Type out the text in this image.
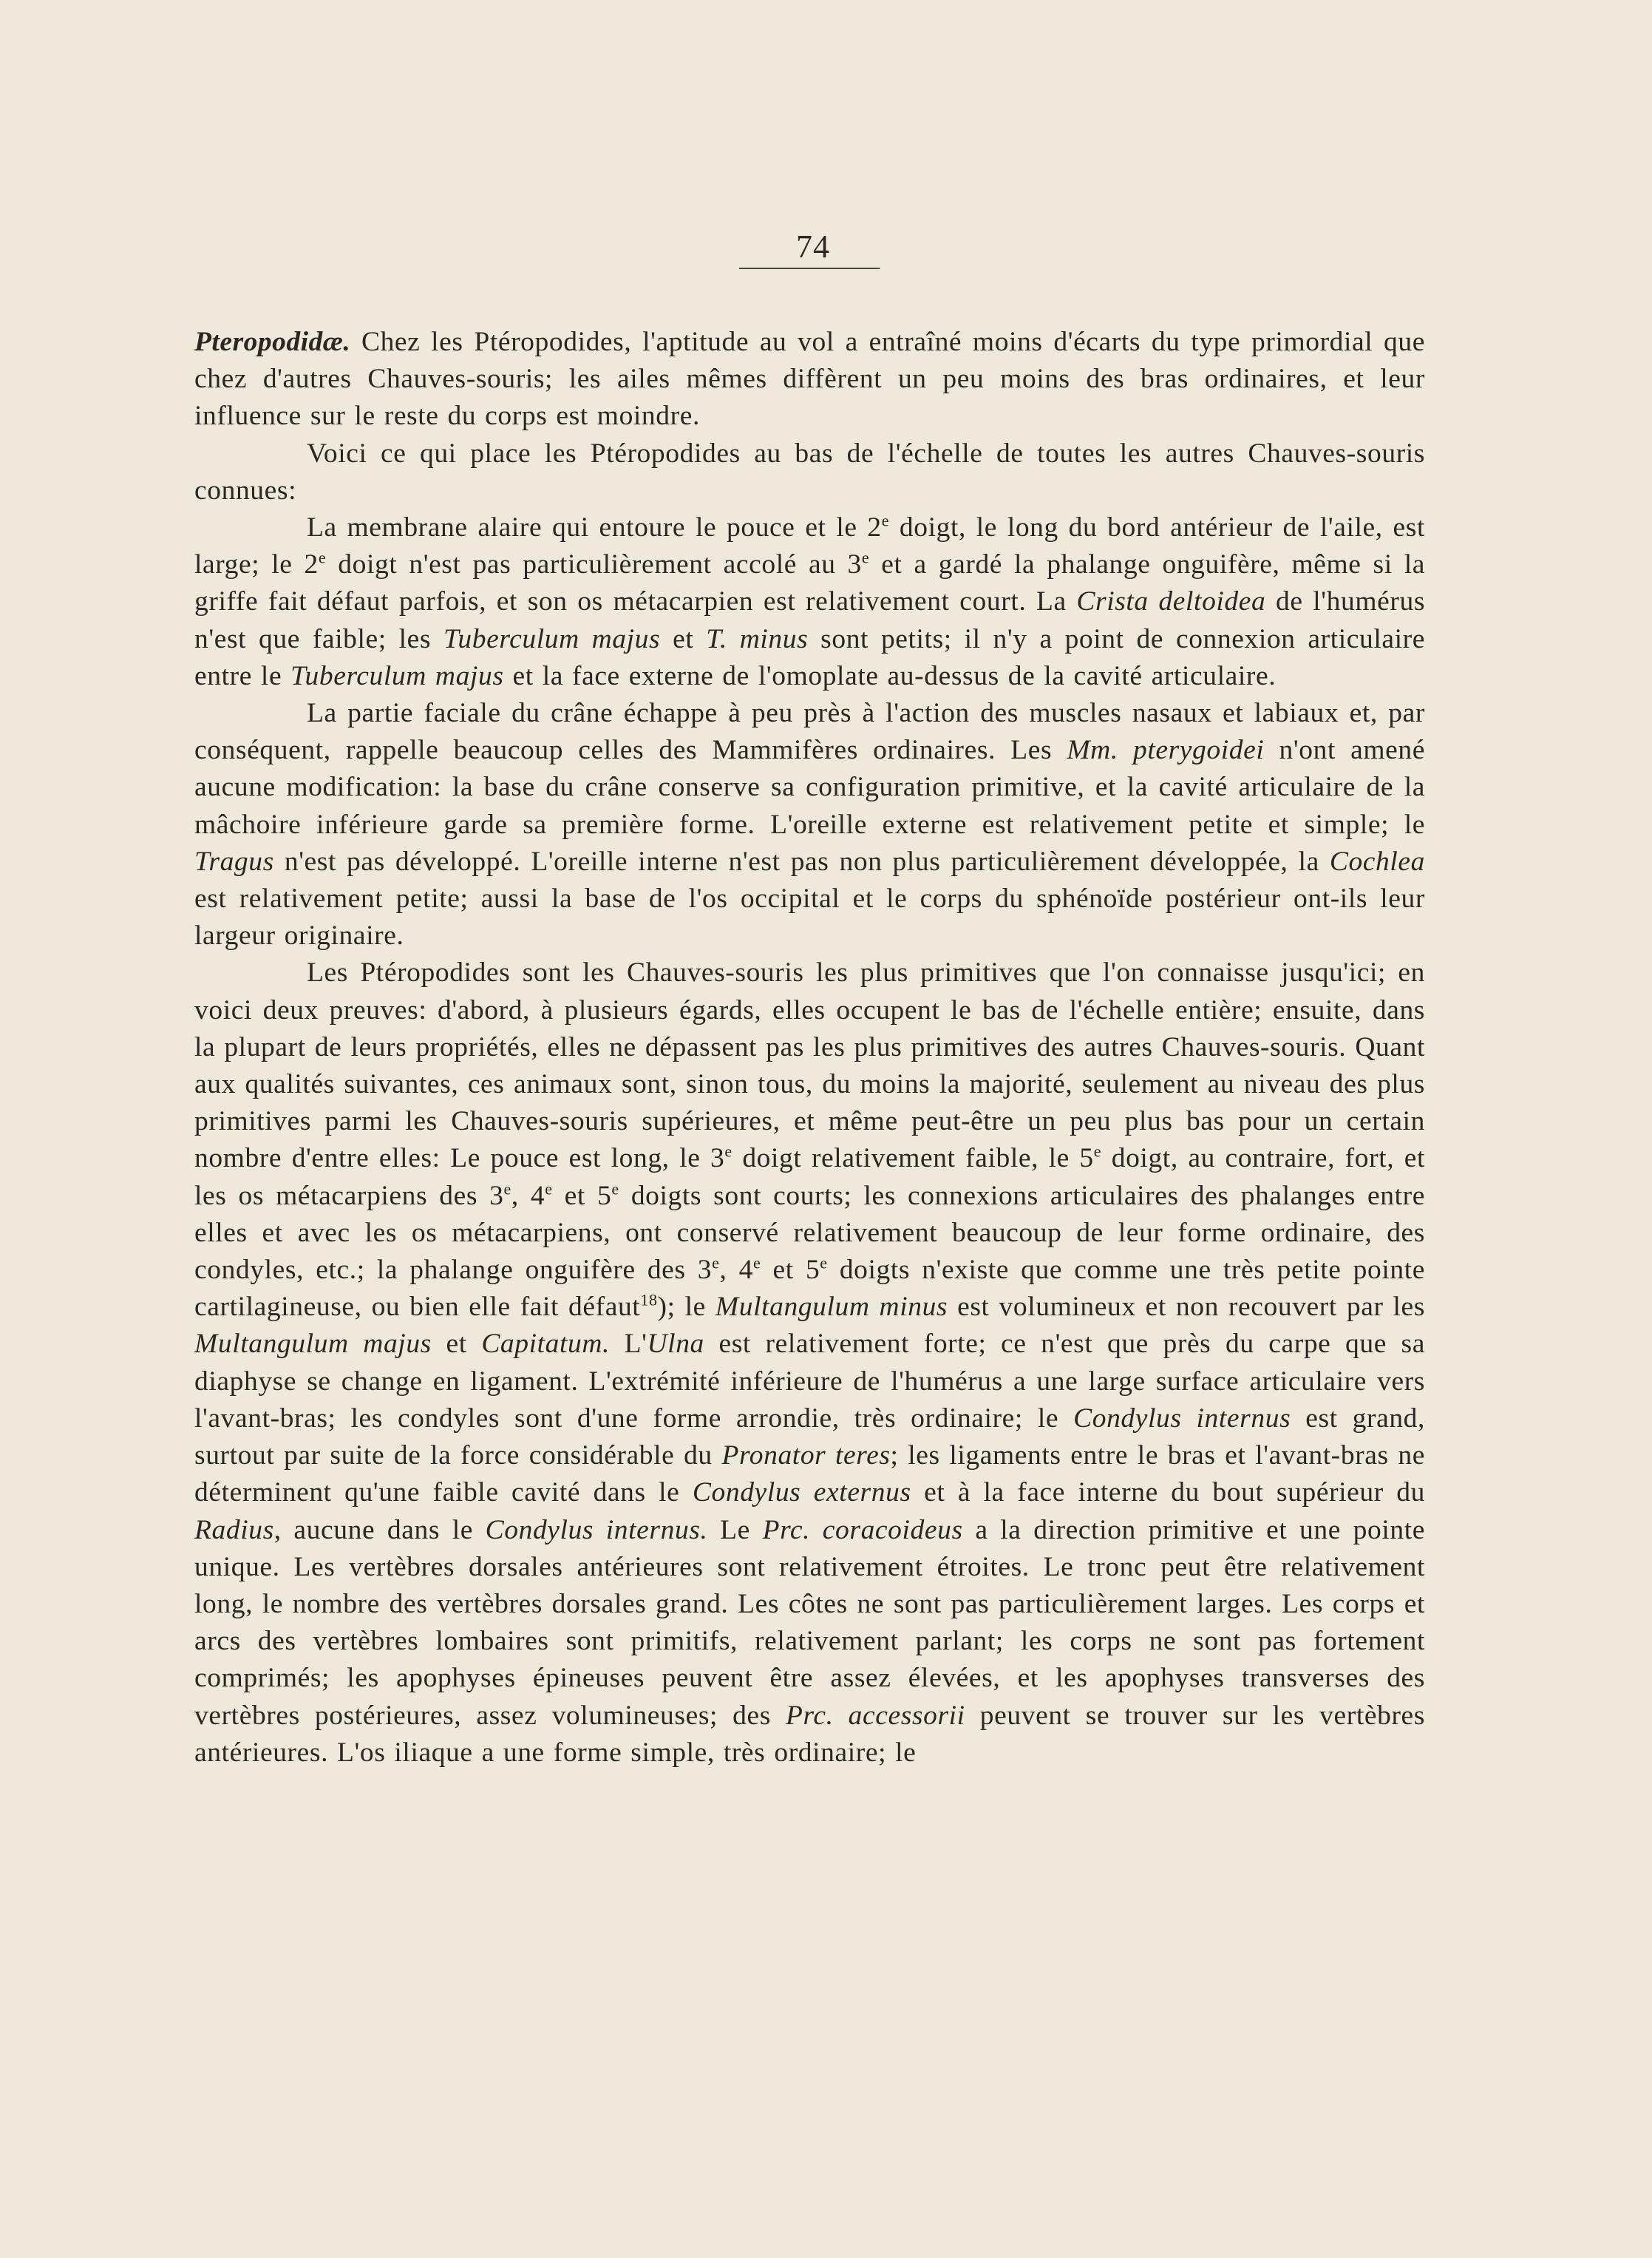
74

Pteropodidæ. Chez les Ptéropodides, l'aptitude au vol a entraîné moins d'écarts du type primordial que chez d'autres Chauves-souris; les ailes mêmes diffèrent un peu moins des bras ordinaires, et leur influence sur le reste du corps est moindre.

Voici ce qui place les Ptéropodides au bas de l'échelle de toutes les autres Chauves-souris connues:

La membrane alaire qui entoure le pouce et le 2e doigt, le long du bord antérieur de l'aile, est large; le 2e doigt n'est pas particulièrement accolé au 3e et a gardé la phalange onguifère, même si la griffe fait défaut parfois, et son os métacarpien est relativement court. La Crista deltoidea de l'humérus n'est que faible; les Tuberculum majus et T. minus sont petits; il n'y a point de connexion articulaire entre le Tuberculum majus et la face externe de l'omoplate au-dessus de la cavité articulaire.

La partie faciale du crâne échappe à peu près à l'action des muscles nasaux et labiaux et, par conséquent, rappelle beaucoup celles des Mammifères ordinaires. Les Mm. pterygoidei n'ont amené aucune modification: la base du crâne conserve sa configuration primitive, et la cavité articulaire de la mâchoire inférieure garde sa première forme. L'oreille externe est relativement petite et simple; le Tragus n'est pas développé. L'oreille interne n'est pas non plus particulièrement développée, la Cochlea est relativement petite; aussi la base de l'os occipital et le corps du sphénoïde postérieur ont-ils leur largeur originaire.

Les Ptéropodides sont les Chauves-souris les plus primitives que l'on connaisse jusqu'ici; en voici deux preuves: d'abord, à plusieurs égards, elles occupent le bas de l'échelle entière; ensuite, dans la plupart de leurs propriétés, elles ne dépassent pas les plus primitives des autres Chauves-souris. Quant aux qualités suivantes, ces animaux sont, sinon tous, du moins la majorité, seulement au niveau des plus primitives parmi les Chauves-souris supérieures, et même peut-être un peu plus bas pour un certain nombre d'entre elles: Le pouce est long, le 3e doigt relativement faible, le 5e doigt, au contraire, fort, et les os métacarpiens des 3e, 4e et 5e doigts sont courts; les connexions articulaires des phalanges entre elles et avec les os métacarpiens, ont conservé relativement beaucoup de leur forme ordinaire, des condyles, etc.; la phalange onguifère des 3e, 4e et 5e doigts n'existe que comme une très petite pointe cartilagineuse, ou bien elle fait défaut$^{18}$); le Multangulum minus est volumineux et non recouvert par les Multangulum majus et Capitatum. L'Ulna est relativement forte; ce n'est que près du carpe que sa diaphyse se change en ligament. L'extrémité inférieure de l'humérus a une large surface articulaire vers l'avant-bras; les condyles sont d'une forme arrondie, très ordinaire; le Condylus internus est grand, surtout par suite de la force considérable du Pronator teres; les ligaments entre le bras et l'avant-bras ne déterminent qu'une faible cavité dans le Condylus externus et à la face interne du bout supérieur du Radius, aucune dans le Condylus internus. Le Prc. coracoideus a la direction primitive et une pointe unique. Les vertèbres dorsales antérieures sont relativement étroites. Le tronc peut être relativement long, le nombre des vertèbres dorsales grand. Les côtes ne sont pas particulièrement larges. Les corps et arcs des vertèbres lombaires sont primitifs, relativement parlant; les corps ne sont pas fortement comprimés; les apophyses épineuses peuvent être assez élevées, et les apophyses transverses des vertèbres postérieures, assez volumineuses; des Prc. accessorii peuvent se trouver sur les vertèbres antérieures. L'os iliaque a une forme simple, très ordinaire; le
